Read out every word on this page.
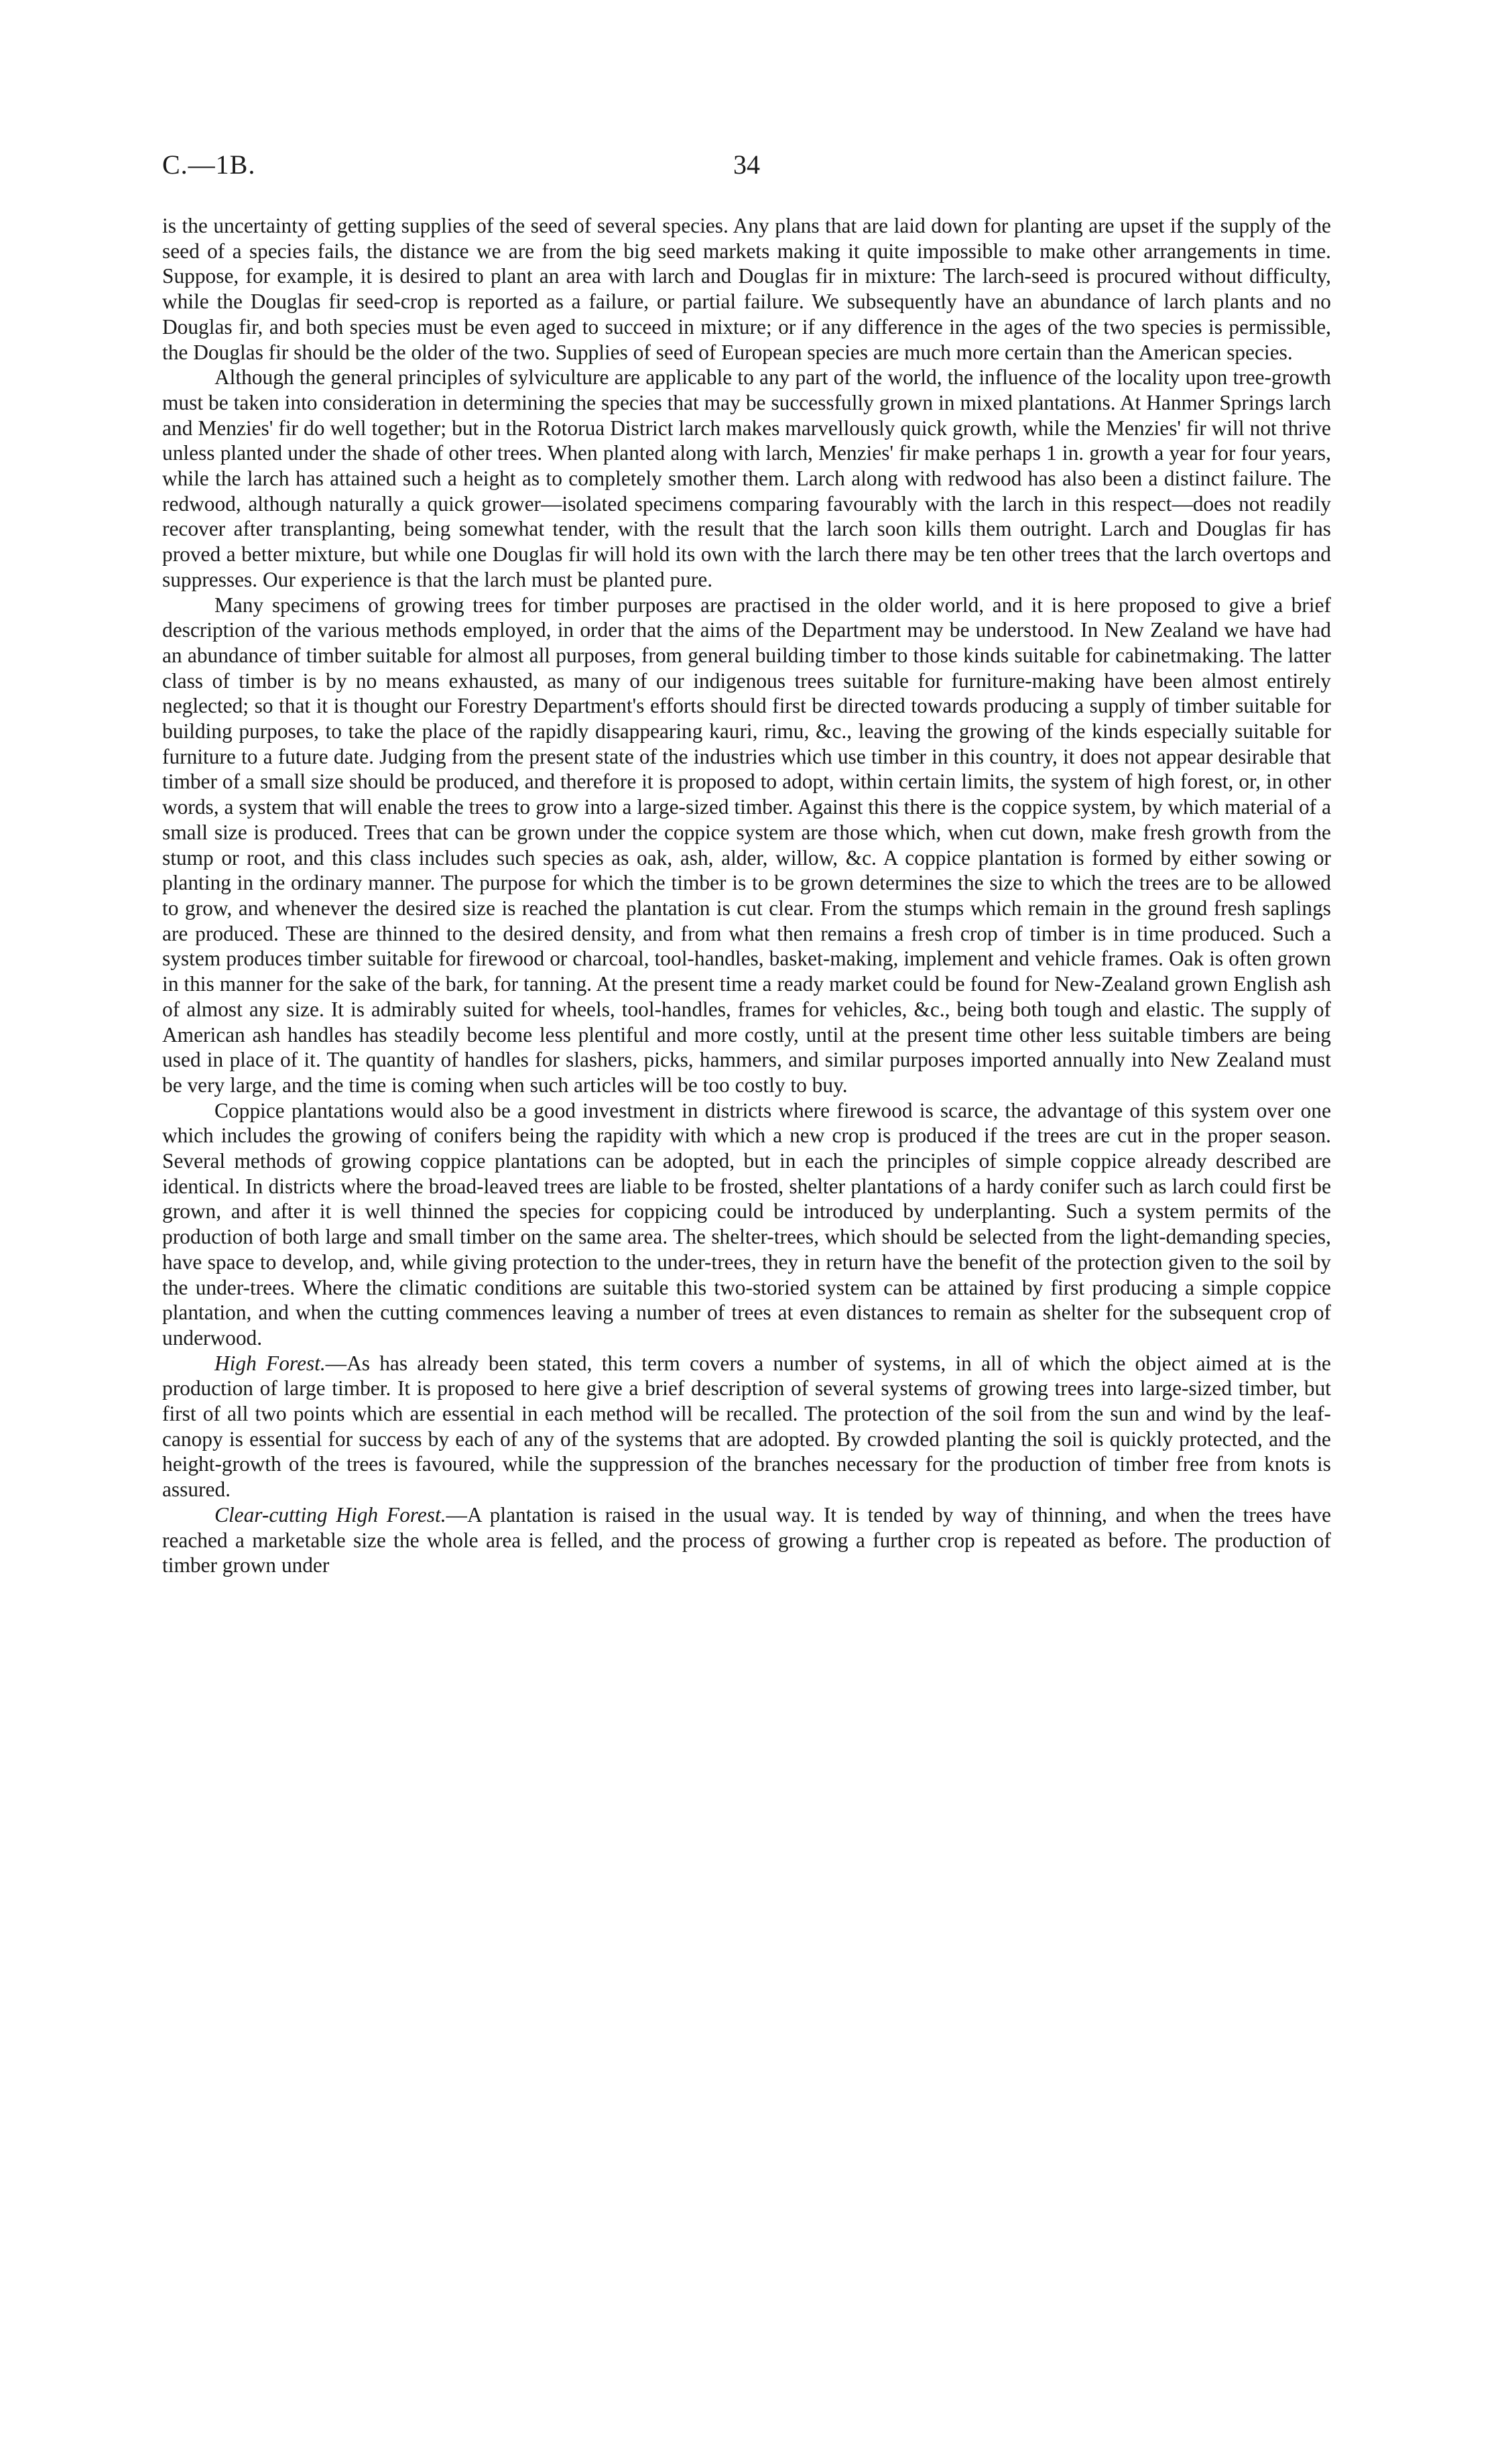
C.—1B.	34

is the uncertainty of getting supplies of the seed of several species. Any plans that are laid down for planting are upset if the supply of the seed of a species fails, the distance we are from the big seed markets making it quite impossible to make other arrangements in time. Suppose, for example, it is desired to plant an area with larch and Douglas fir in mixture: The larch-seed is procured without difficulty, while the Douglas fir seed-crop is reported as a failure, or partial failure. We subsequently have an abundance of larch plants and no Douglas fir, and both species must be even aged to succeed in mixture; or if any difference in the ages of the two species is permissible, the Douglas fir should be the older of the two. Supplies of seed of European species are much more certain than the American species.

Although the general principles of sylviculture are applicable to any part of the world, the influence of the locality upon tree-growth must be taken into consideration in determining the species that may be successfully grown in mixed plantations. At Hanmer Springs larch and Menzies' fir do well together; but in the Rotorua District larch makes marvellously quick growth, while the Menzies' fir will not thrive unless planted under the shade of other trees. When planted along with larch, Menzies' fir make perhaps 1 in. growth a year for four years, while the larch has attained such a height as to completely smother them. Larch along with redwood has also been a distinct failure. The redwood, although naturally a quick grower—isolated specimens comparing favourably with the larch in this respect—does not readily recover after transplanting, being somewhat tender, with the result that the larch soon kills them outright. Larch and Douglas fir has proved a better mixture, but while one Douglas fir will hold its own with the larch there may be ten other trees that the larch overtops and suppresses. Our experience is that the larch must be planted pure.

Many specimens of growing trees for timber purposes are practised in the older world, and it is here proposed to give a brief description of the various methods employed, in order that the aims of the Department may be understood. In New Zealand we have had an abundance of timber suitable for almost all purposes, from general building timber to those kinds suitable for cabinetmaking. The latter class of timber is by no means exhausted, as many of our indigenous trees suitable for furniture-making have been almost entirely neglected; so that it is thought our Forestry Department's efforts should first be directed towards producing a supply of timber suitable for building purposes, to take the place of the rapidly disappearing kauri, rimu, &c., leaving the growing of the kinds especially suitable for furniture to a future date. Judging from the present state of the industries which use timber in this country, it does not appear desirable that timber of a small size should be produced, and therefore it is proposed to adopt, within certain limits, the system of high forest, or, in other words, a system that will enable the trees to grow into a large-sized timber. Against this there is the coppice system, by which material of a small size is produced. Trees that can be grown under the coppice system are those which, when cut down, make fresh growth from the stump or root, and this class includes such species as oak, ash, alder, willow, &c. A coppice plantation is formed by either sowing or planting in the ordinary manner. The purpose for which the timber is to be grown determines the size to which the trees are to be allowed to grow, and whenever the desired size is reached the plantation is cut clear. From the stumps which remain in the ground fresh saplings are produced. These are thinned to the desired density, and from what then remains a fresh crop of timber is in time produced. Such a system produces timber suitable for firewood or charcoal, tool-handles, basket-making, implement and vehicle frames. Oak is often grown in this manner for the sake of the bark, for tanning. At the present time a ready market could be found for New-Zealand grown English ash of almost any size. It is admirably suited for wheels, tool-handles, frames for vehicles, &c., being both tough and elastic. The supply of American ash handles has steadily become less plentiful and more costly, until at the present time other less suitable timbers are being used in place of it. The quantity of handles for slashers, picks, hammers, and similar purposes imported annually into New Zealand must be very large, and the time is coming when such articles will be too costly to buy.

Coppice plantations would also be a good investment in districts where firewood is scarce, the advantage of this system over one which includes the growing of conifers being the rapidity with which a new crop is produced if the trees are cut in the proper season. Several methods of growing coppice plantations can be adopted, but in each the principles of simple coppice already described are identical. In districts where the broad-leaved trees are liable to be frosted, shelter plantations of a hardy conifer such as larch could first be grown, and after it is well thinned the species for coppicing could be introduced by underplanting. Such a system permits of the production of both large and small timber on the same area. The shelter-trees, which should be selected from the light-demanding species, have space to develop, and, while giving protection to the under-trees, they in return have the benefit of the protection given to the soil by the under-trees. Where the climatic conditions are suitable this two-storied system can be attained by first producing a simple coppice plantation, and when the cutting commences leaving a number of trees at even distances to remain as shelter for the subsequent crop of underwood.

High Forest.—As has already been stated, this term covers a number of systems, in all of which the object aimed at is the production of large timber. It is proposed to here give a brief description of several systems of growing trees into large-sized timber, but first of all two points which are essential in each method will be recalled. The protection of the soil from the sun and wind by the leaf-canopy is essential for success by each of any of the systems that are adopted. By crowded planting the soil is quickly protected, and the height-growth of the trees is favoured, while the suppression of the branches necessary for the production of timber free from knots is assured.

Clear-cutting High Forest.—A plantation is raised in the usual way. It is tended by way of thinning, and when the trees have reached a marketable size the whole area is felled, and the process of growing a further crop is repeated as before. The production of timber grown under
